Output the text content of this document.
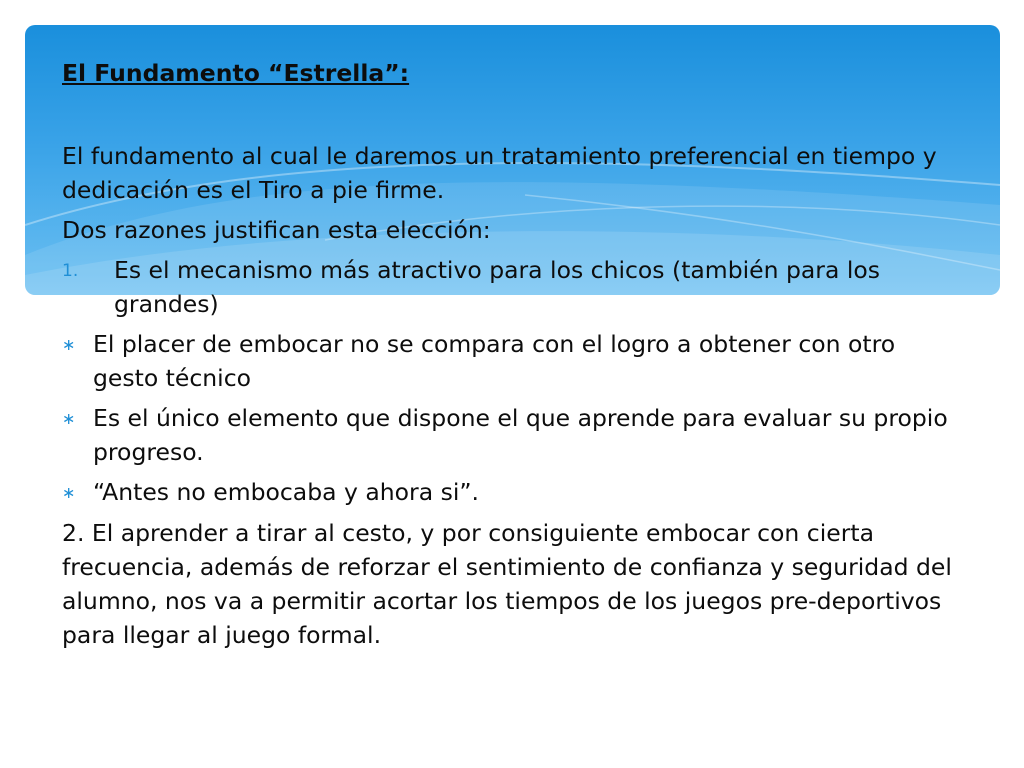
El Fundamento “Estrella”:

El fundamento al cual le daremos un tratamiento preferencial en tiempo y dedicación es el Tiro a pie firme.

Dos razones justifican esta elección:

1.	Es el mecanismo más atractivo para los chicos (también para los grandes)
∗ El placer de embocar no se compara con el logro a obtener con otro gesto técnico
∗ Es el único elemento que dispone el que aprende para evaluar su propio progreso.
∗ “Antes no embocaba y ahora si”.

2. El aprender a tirar al cesto, y por consiguiente embocar con cierta frecuencia, además de reforzar el sentimiento de confianza y seguridad del alumno, nos va a permitir acortar los tiempos de los juegos pre-deportivos para llegar al juego formal.
